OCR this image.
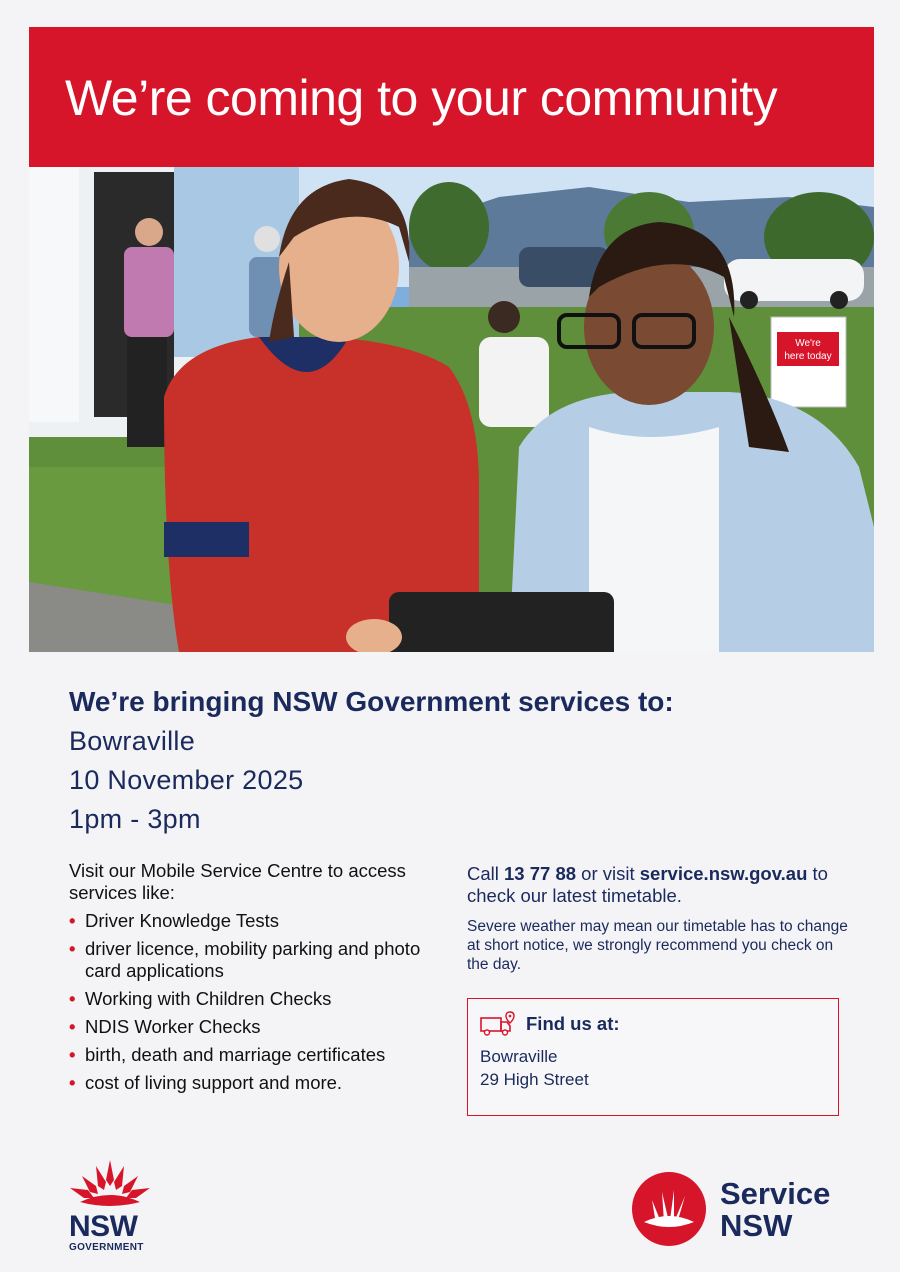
We’re coming to your community
We're
here today
We’re bringing NSW Government services to:
Bowraville
10 November 2025
1pm - 3pm

Visit our Mobile Service Centre to access services like:

• Driver Knowledge Tests
• driver licence, mobility parking and photo card applications
• Working with Children Checks
• NDIS Worker Checks
• birth, death and marriage certificates
• cost of living support and more.

Call 13 77 88 or visit service.nsw.gov.au to check our latest timetable.

Severe weather may mean our timetable has to change at short notice, we strongly recommend you check on the day.

Find us at:
Bowraville
29 High Street
NSW
GOVERNMENT
Service
NSW
